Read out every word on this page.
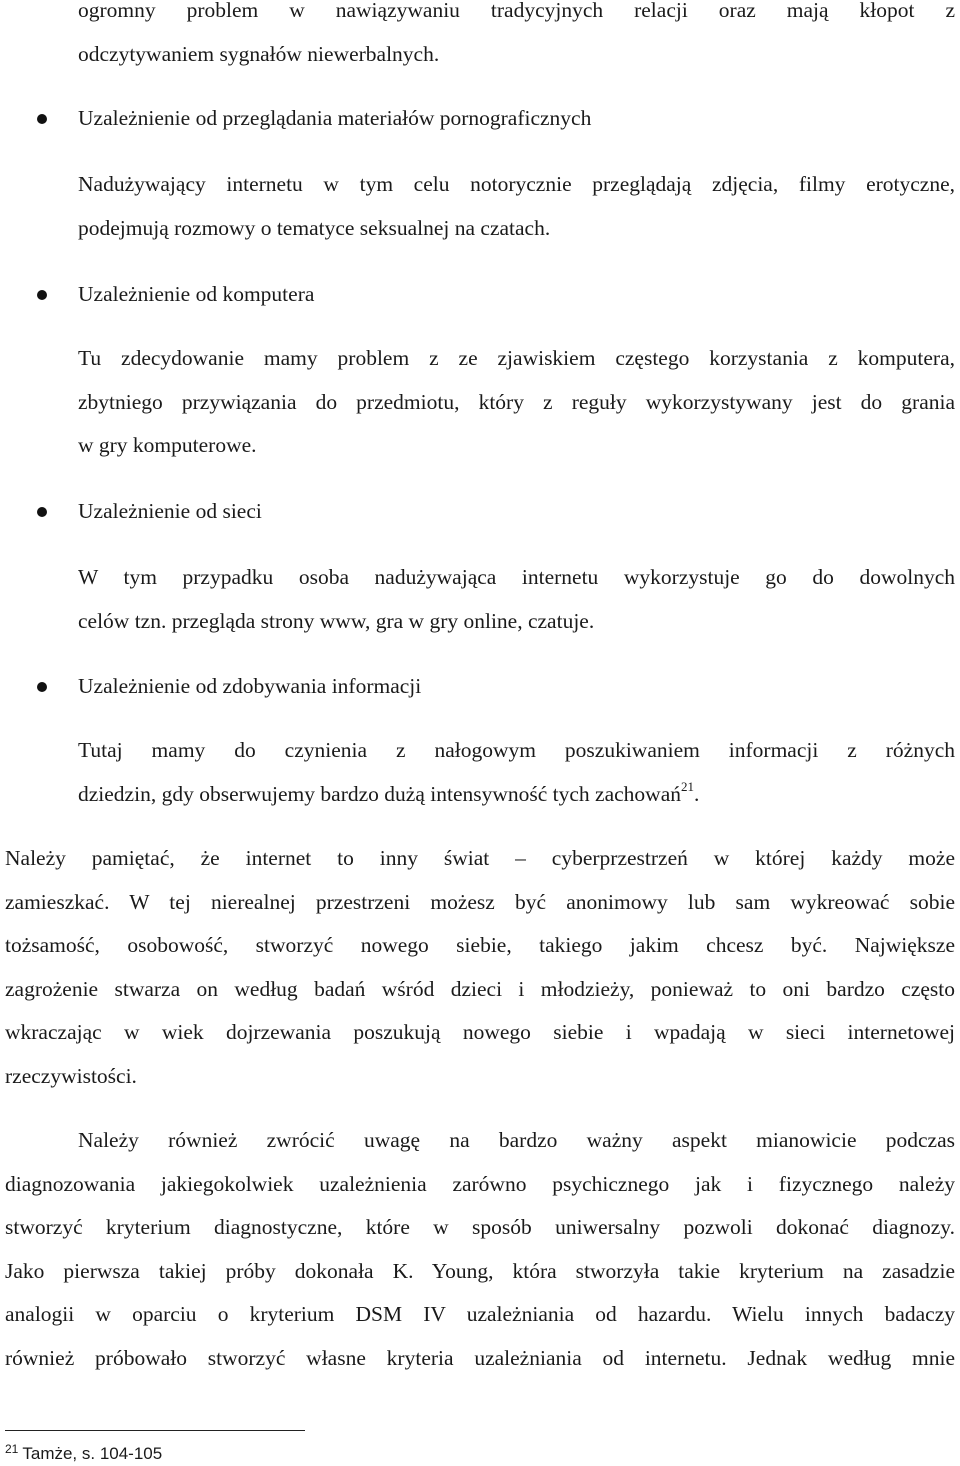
ogromny problem w nawiązywaniu tradycyjnych relacji oraz mają kłopot z
odczytywaniem sygnałów niewerbalnych.
Uzależnienie od przeglądania materiałów pornograficznych
Nadużywający internetu w tym celu notorycznie przeglądają zdjęcia, filmy erotyczne,
podejmują rozmowy o tematyce seksualnej na czatach.
Uzależnienie od komputera
Tu zdecydowanie mamy problem z ze zjawiskiem częstego korzystania z komputera,
zbytniego przywiązania do przedmiotu, który z reguły wykorzystywany jest do grania
w gry komputerowe.
Uzależnienie od sieci
W tym przypadku osoba nadużywająca internetu wykorzystuje go do dowolnych
celów tzn. przegląda strony www, gra w gry online, czatuje.
Uzależnienie od zdobywania informacji
Tutaj mamy do czynienia z nałogowym poszukiwaniem informacji z różnych
dziedzin, gdy obserwujemy bardzo dużą intensywność tych zachowań$^{21}$.
Należy pamiętać, że internet to inny świat – cyberprzestrzeń w której każdy może
zamieszkać. W tej nierealnej przestrzeni możesz być anonimowy lub sam wykreować sobie
tożsamość, osobowość, stworzyć nowego siebie, takiego jakim chcesz być. Największe
zagrożenie stwarza on według badań wśród dzieci i młodzieży, ponieważ to oni bardzo często
wkraczając w wiek dojrzewania poszukują nowego siebie i wpadają w sieci internetowej
rzeczywistości.
Należy również zwrócić uwagę na bardzo ważny aspekt mianowicie podczas
diagnozowania jakiegokolwiek uzależnienia zarówno psychicznego jak i fizycznego należy
stworzyć kryterium diagnostyczne, które w sposób uniwersalny pozwoli dokonać diagnozy.
Jako pierwsza takiej próby dokonała K. Young, która stworzyła takie kryterium na zasadzie
analogii w oparciu o kryterium DSM IV uzależniania od hazardu. Wielu innych badaczy
również próbowało stworzyć własne kryteria uzależniania od internetu. Jednak według mnie
$^{21}$ Tamże, s. 104-105
